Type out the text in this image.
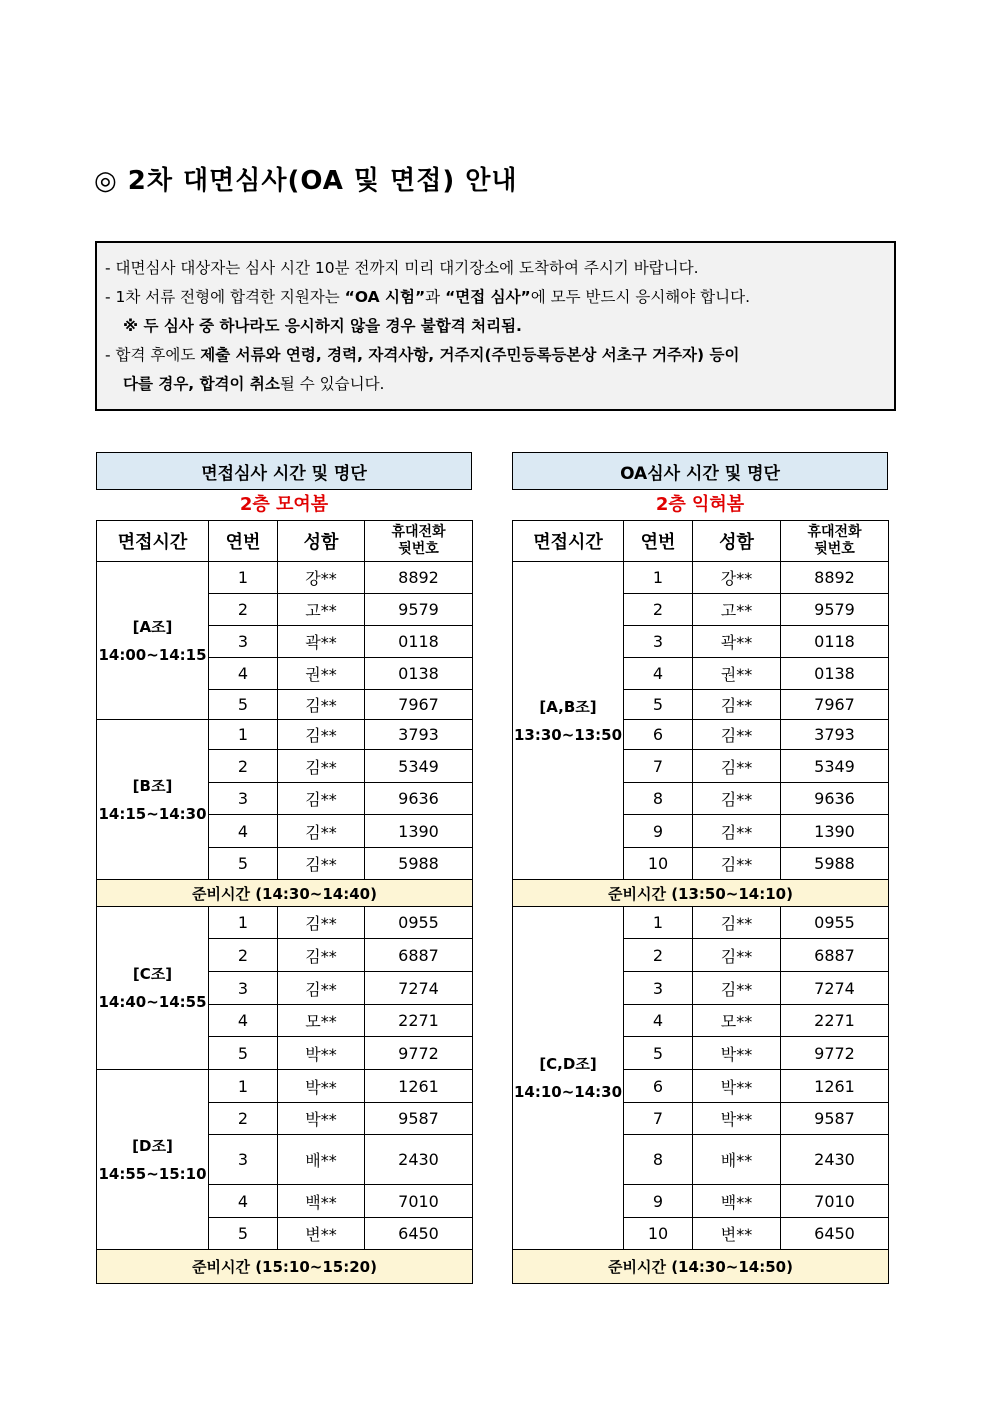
◎ 2차 대면심사(OA 및 면접) 안내
- 대면심사 대상자는 심사 시간 10분 전까지 미리 대기장소에 도착하여 주시기 바랍니다.
- 1차 서류 전형에 합격한 지원자는 “OA 시험”과 “면접 심사”에 모두 반드시 응시해야 합니다.
※ 두 심사 중 하나라도 응시하지 않을 경우 불합격 처리됨.
- 합격 후에도 제출 서류와 연령, 경력, 자격사항, 거주지(주민등록등본상 서초구 거주자) 등이
다를 경우, 합격이 취소될 수 있습니다.
면접심사 시간 및 명단
2층 모여봄
면접시간	연번	성함	휴대전화
뒷번호

[A조]
14:00~14:15	1	강**	8892
	2	고**	9579
	3	곽**	0118
	4	권**	0138
	5	김**	7967

[B조]
14:15~14:30	1	김**	3793
	2	김**	5349
	3	김**	9636
	4	김**	1390
	5	김**	5988
준비시간 (14:30~14:40)			

[C조]
14:40~14:55	1	김**	0955
	2	김**	6887
	3	김**	7274
	4	모**	2271
	5	박**	9772

[D조]
14:55~15:10	1	박**	1261
	2	박**	9587
	3	배**	2430
	4	백**	7010
	5	변**	6450
준비시간 (15:10~15:20)			
OA심사 시간 및 명단
2층 익혀봄
면접시간	연번	성함	휴대전화
뒷번호

[A,B조]
13:30~13:50	1	강**	8892
	2	고**	9579
	3	곽**	0118
	4	권**	0138
	5	김**	7967
	6	김**	3793
	7	김**	5349
	8	김**	9636
	9	김**	1390
	10	김**	5988
준비시간 (13:50~14:10)			

[C,D조]
14:10~14:30	1	김**	0955
	2	김**	6887
	3	김**	7274
	4	모**	2271
	5	박**	9772
	6	박**	1261
	7	박**	9587
	8	배**	2430
	9	백**	7010
	10	변**	6450
준비시간 (14:30~14:50)			
